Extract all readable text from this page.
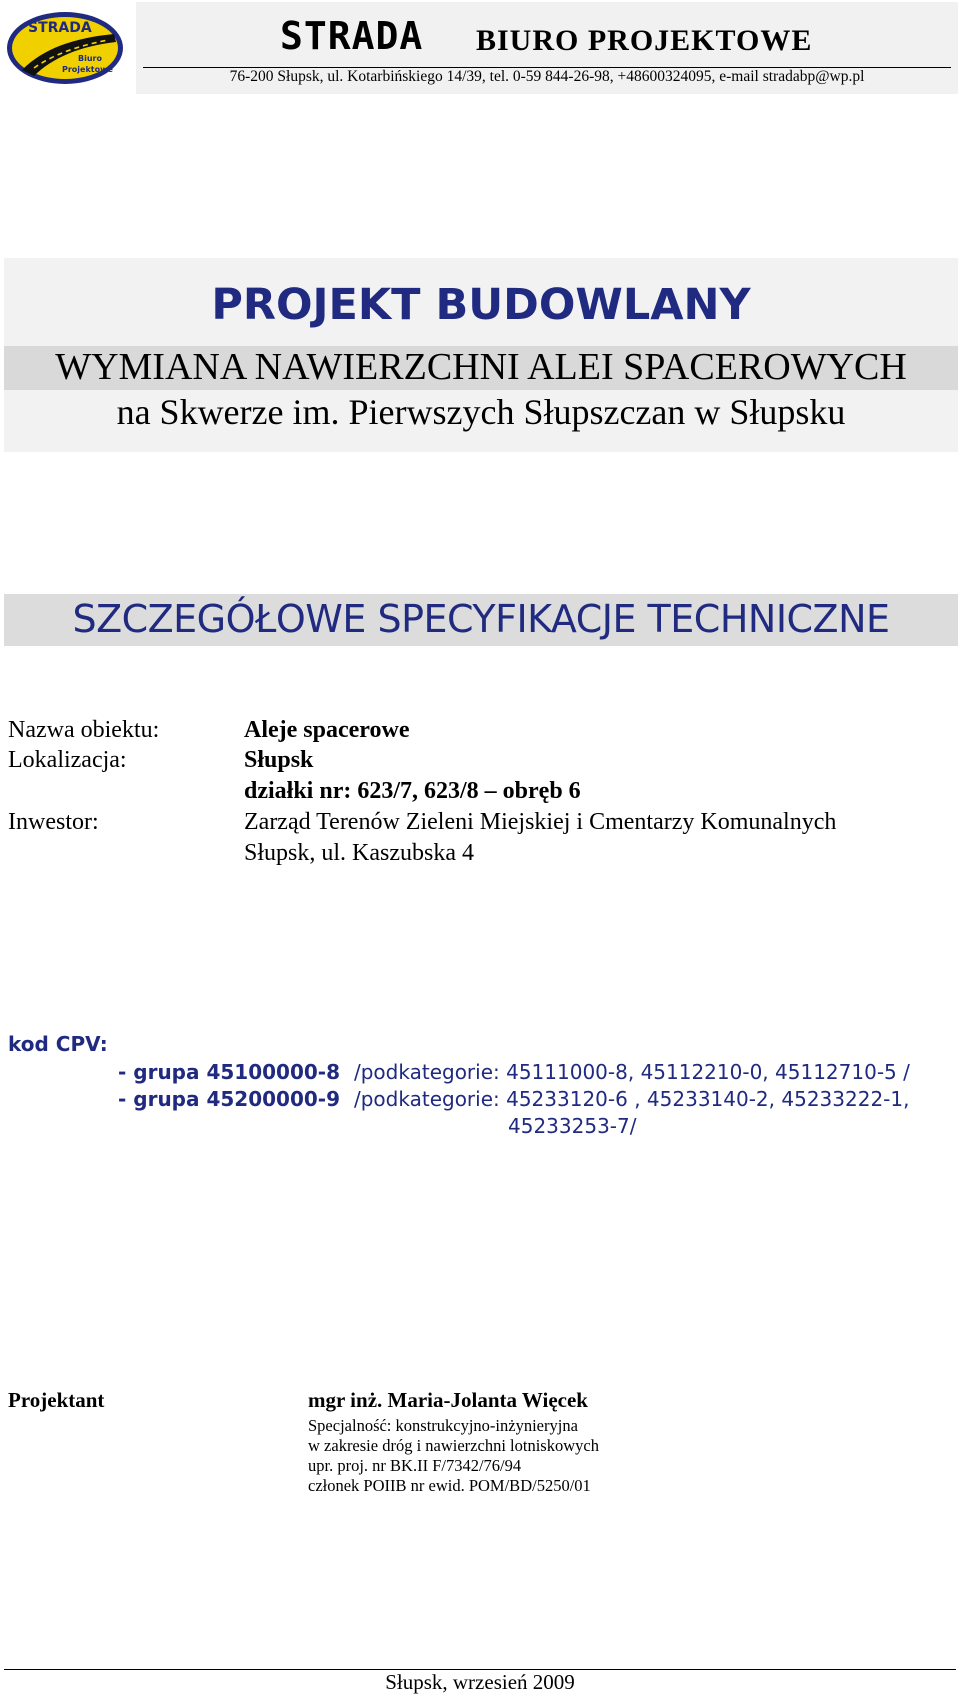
STRADA
Biuro
Projektowe
STRADA BIURO PROJEKTOWE
76-200 Słupsk, ul. Kotarbińskiego 14/39, tel. 0-59 844-26-98, +48600324095, e-mail stradabp@wp.pl
PROJEKT BUDOWLANY
WYMIANA NAWIERZCHNI ALEI SPACEROWYCH
na Skwerze im. Pierwszych Słupszczan w Słupsku
SZCZEGÓŁOWE SPECYFIKACJE TECHNICZNE
Nazwa obiektu:	Aleje spacerowe
Lokalizacja:	Słupsk
działki nr: 623/7, 623/8 – obręb 6
Inwestor:	Zarząd Terenów Zieleni Miejskiej i Cmentarzy Komunalnych
Słupsk, ul. Kaszubska 4
kod CPV:
- grupa 45100000-8 /podkategorie: 45111000-8, 45112210-0, 45112710-5 /
- grupa 45200000-9 /podkategorie: 45233120-6 , 45233140-2, 45233222-1,
45233253-7/
Projektant	mgr inż. Maria-Jolanta Więcek
Specjalność: konstrukcyjno-inżynieryjna
w zakresie dróg i nawierzchni lotniskowych
upr. proj. nr BK.II F/7342/76/94
członek POIIB nr ewid. POM/BD/5250/01
Słupsk, wrzesień 2009
